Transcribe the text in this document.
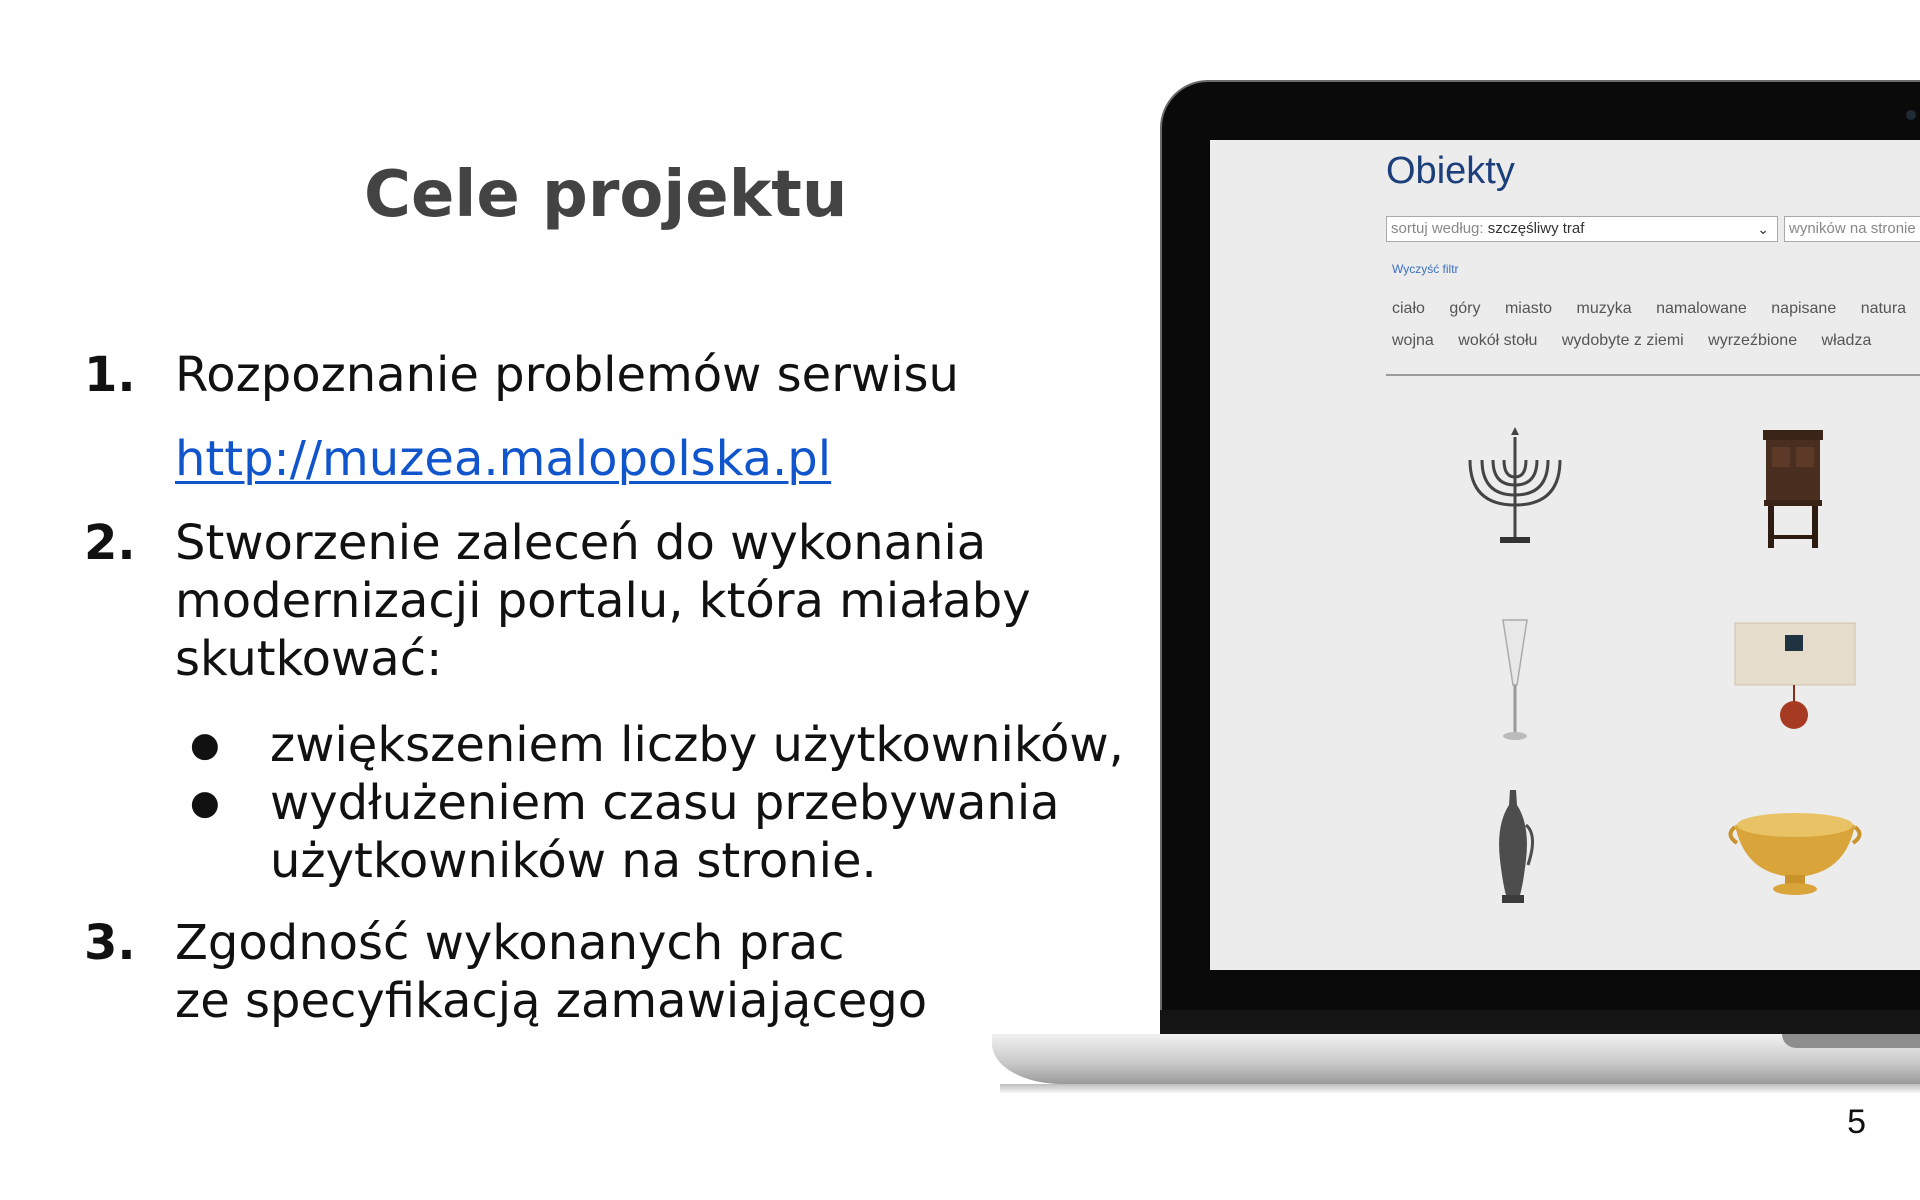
Cele projektu
1. Rozpoznanie problemów serwisu
http://muzea.malopolska.pl
2. Stworzenie zaleceń do wykonania
modernizacji portalu, która miałaby
skutkować:
● zwiększeniem liczby użytkowników,
● wydłużeniem czasu przebywania
użytkowników na stronie.
3. Zgodność wykonanych prac
ze specyfikacją zamawiającego
5
Obiekty
sortuj według: szczęśliwy traf	⌄	wyników na stronie
Wyczyść filtr
ciało góry miasto muzyka namalowane napisane natura
wojna wokół stołu wydobyte z ziemi wyrzeźbione władza
